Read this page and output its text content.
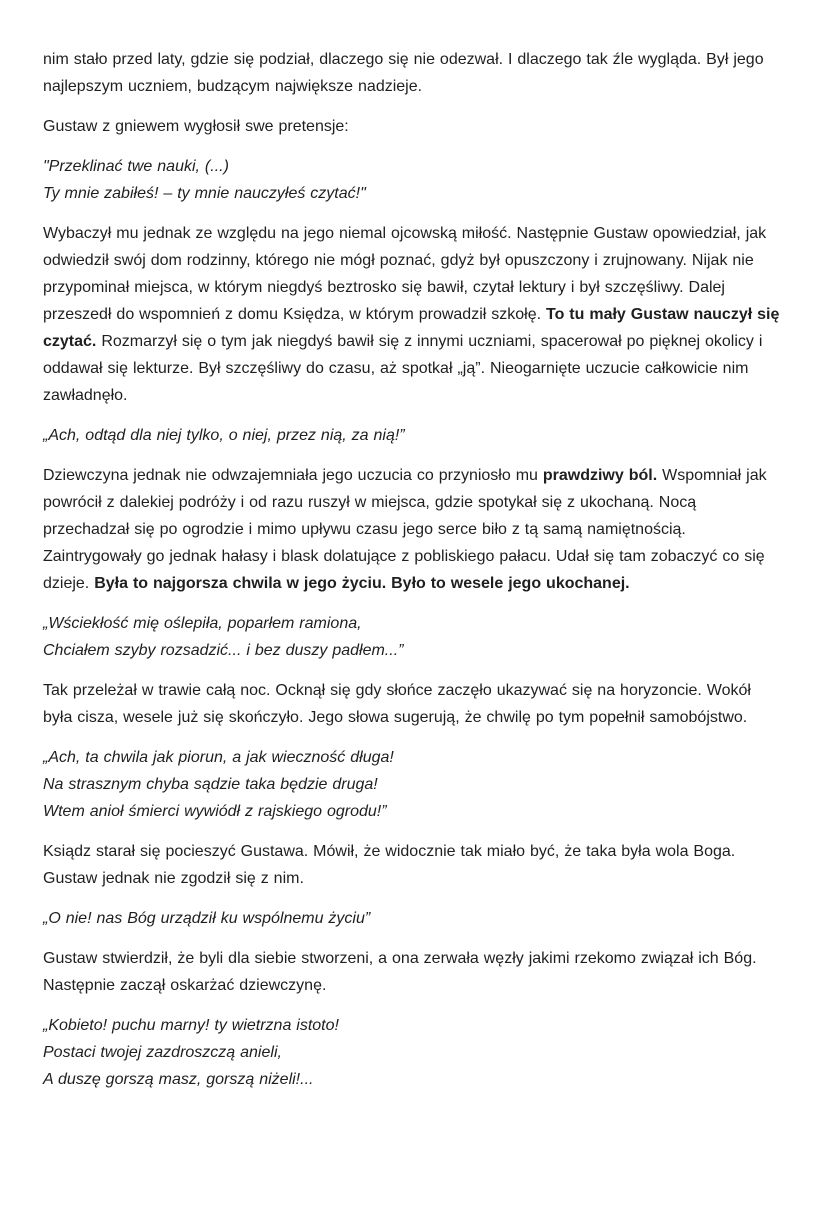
nim stało przed laty, gdzie się podział, dlaczego się nie odezwał. I dlaczego tak źle wygląda. Był jego najlepszym uczniem, budzącym największe nadzieje.

Gustaw z gniewem wygłosił swe pretensje:

"Przeklinać twe nauki, (...)
Ty mnie zabiłeś! – ty mnie nauczyłeś czytać!"

Wybaczył mu jednak ze względu na jego niemal ojcowską miłość. Następnie Gustaw opowiedział, jak odwiedził swój dom rodzinny, którego nie mógł poznać, gdyż był opuszczony i zrujnowany. Nijak nie przypominał miejsca, w którym niegdyś beztrosko się bawił, czytał lektury i był szczęśliwy. Dalej przeszedł do wspomnień z domu Księdza, w którym prowadził szkołę. To tu mały Gustaw nauczył się czytać. Rozmarzył się o tym jak niegdyś bawił się z innymi uczniami, spacerował po pięknej okolicy i oddawał się lekturze. Był szczęśliwy do czasu, aż spotkał „ją”. Nieogarnięte uczucie całkowicie nim zawładnęło.

„Ach, odtąd dla niej tylko, o niej, przez nią, za nią!”

Dziewczyna jednak nie odwzajemniała jego uczucia co przyniosło mu prawdziwy ból. Wspomniał jak powrócił z dalekiej podróży i od razu ruszył w miejsca, gdzie spotykał się z ukochaną. Nocą przechadzał się po ogrodzie i mimo upływu czasu jego serce biło z tą samą namiętnością. Zaintrygowały go jednak hałasy i blask dolatujące z pobliskiego pałacu. Udał się tam zobaczyć co się dzieje. Była to najgorsza chwila w jego życiu. Było to wesele jego ukochanej.

„Wściekłość mię oślepiła, poparłem ramiona,
Chciałem szyby rozsadzić... i bez duszy padłem...”

Tak przeleżał w trawie całą noc. Ocknął się gdy słońce zaczęło ukazywać się na horyzoncie. Wokół była cisza, wesele już się skończyło. Jego słowa sugerują, że chwilę po tym popełnił samobójstwo.

„Ach, ta chwila jak piorun, a jak wieczność długa!
Na strasznym chyba sądzie taka będzie druga!
Wtem anioł śmierci wywiódł z rajskiego ogrodu!”

Ksiądz starał się pocieszyć Gustawa. Mówił, że widocznie tak miało być, że taka była wola Boga. Gustaw jednak nie zgodził się z nim.

„O nie! nas Bóg urządził ku wspólnemu życiu”

Gustaw stwierdził, że byli dla siebie stworzeni, a ona zerwała węzły jakimi rzekomo związał ich Bóg. Następnie zaczął oskarżać dziewczynę.

„Kobieto! puchu marny! ty wietrzna istoto!
Postaci twojej zazdroszczą anieli,
A duszę gorszą masz, gorszą niżeli!...
